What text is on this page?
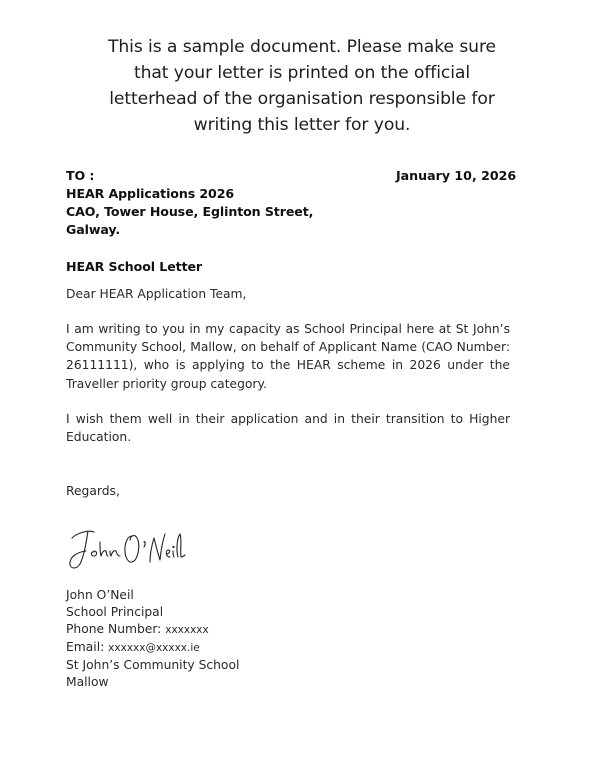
This is a sample document. Please make sure
that your letter is printed on the official
letterhead of the organisation responsible for
writing this letter for you.
TO :
HEAR Applications 2026
CAO, Tower House, Eglinton Street,
Galway.
January 10, 2026
HEAR School Letter
Dear HEAR Application Team,
I am writing to you in my capacity as School Principal here at St John’s Community School, Mallow, on behalf of Applicant Name (CAO Number: 26111111), who is applying to the HEAR scheme in 2026 under the Traveller priority group category.
I wish them well in their application and in their transition to Higher Education.
Regards,
John O’Neil
School Principal
Phone Number: xxxxxxx
Email: xxxxxx@xxxxx.ie
St John’s Community School
Mallow
